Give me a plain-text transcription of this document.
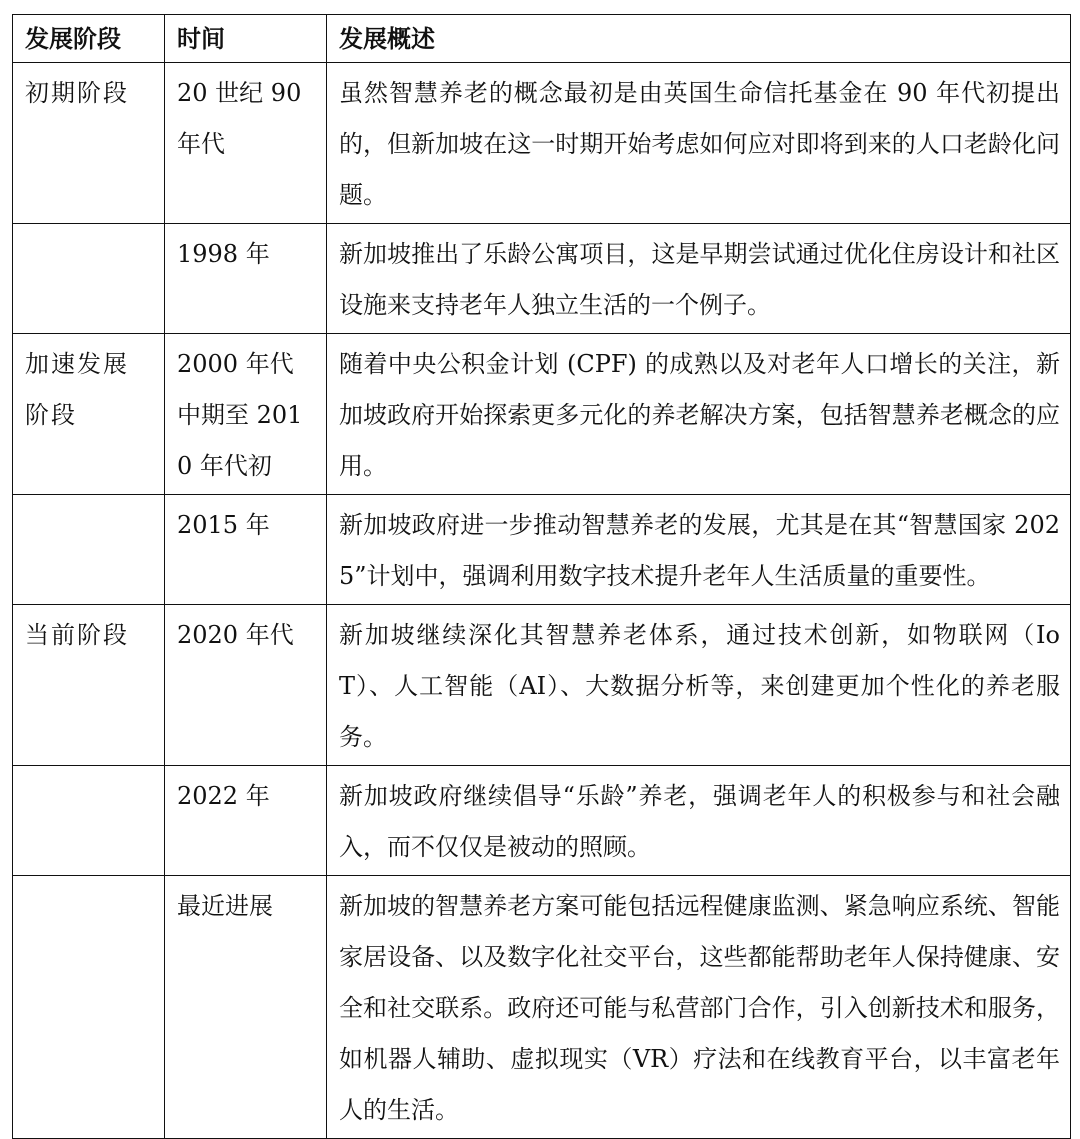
发展阶段	时间	发展概述
初期阶段	20 世纪 90 年代	虽然智慧养老的概念最初是由英国生命信托基金在 90 年代初提出的，但新加坡在这一时期开始考虑如何应对即将到来的人口老龄化问题。
	1998 年	新加坡推出了乐龄公寓项目，这是早期尝试通过优化住房设计和社区设施来支持老年人独立生活的一个例子。
加速发展阶段	2000 年代中期至 2010 年代初	随着中央公积金计划 (CPF) 的成熟以及对老年人口增长的关注，新加坡政府开始探索更多元化的养老解决方案，包括智慧养老概念的应用。
	2015 年	新加坡政府进一步推动智慧养老的发展，尤其是在其“智慧国家 2025”计划中，强调利用数字技术提升老年人生活质量的重要性。
当前阶段	2020 年代	新加坡继续深化其智慧养老体系，通过技术创新，如物联网（IoT）、人工智能（AI）、大数据分析等，来创建更加个性化的养老服务。
	2022 年	新加坡政府继续倡导“乐龄”养老，强调老年人的积极参与和社会融入，而不仅仅是被动的照顾。
	最近进展	新加坡的智慧养老方案可能包括远程健康监测、紧急响应系统、智能家居设备、以及数字化社交平台，这些都能帮助老年人保持健康、安全和社交联系。政府还可能与私营部门合作，引入创新技术和服务，如机器人辅助、虚拟现实（VR）疗法和在线教育平台，以丰富老年人的生活。
